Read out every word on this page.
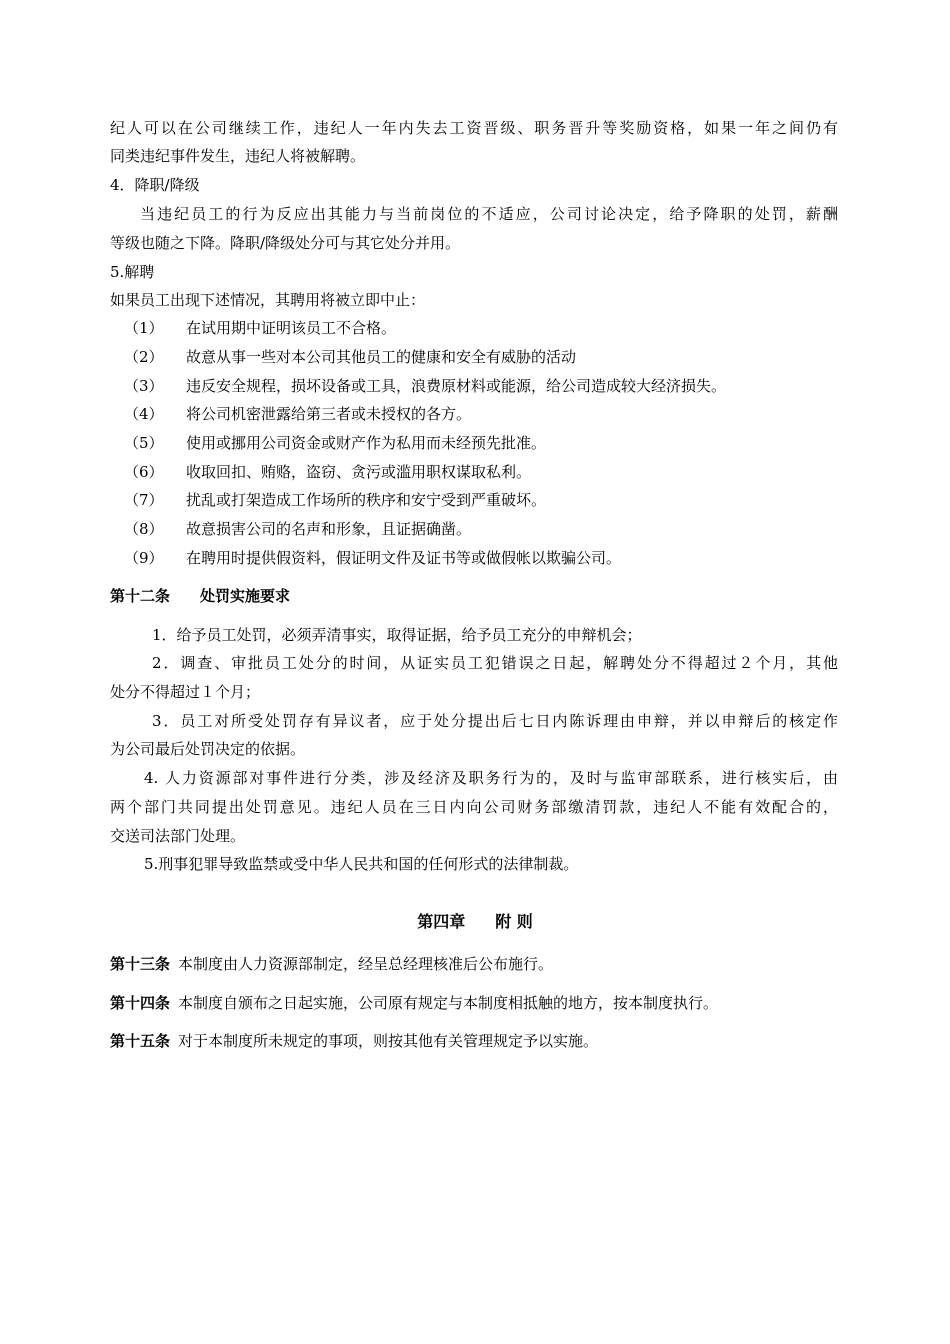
纪人可以在公司继续工作，违纪人一年内失去工资晋级、职务晋升等奖励资格，如果一年之间仍有
同类违纪事件发生，违纪人将被解聘。
4．降职/降级
当违纪员工的行为反应出其能力与当前岗位的不适应，公司讨论决定，给予降职的处罚，薪酬
等级也随之下降。降职/降级处分可与其它处分并用。
5.解聘
如果员工出现下述情况，其聘用将被立即中止：
（1） 在试用期中证明该员工不合格。
（2） 故意从事一些对本公司其他员工的健康和安全有威胁的活动
（3） 违反安全规程，损坏设备或工具，浪费原材料或能源，给公司造成较大经济损失。
（4） 将公司机密泄露给第三者或未授权的各方。
（5） 使用或挪用公司资金或财产作为私用而未经预先批准。
（6） 收取回扣、贿赂，盗窃、贪污或滥用职权谋取私利。
（7） 扰乱或打架造成工作场所的秩序和安宁受到严重破坏。
（8） 故意损害公司的名声和形象，且证据确凿。
（9） 在聘用时提供假资料，假证明文件及证书等或做假帐以欺骗公司。
第十二条 处罚实施要求
1．给予员工处罚，必须弄清事实，取得证据，给予员工充分的申辩机会；
2．调查、审批员工处分的时间，从证实员工犯错误之日起，解聘处分不得超过２个月，其他
处分不得超过１个月；
3．员工对所受处罚存有异议者，应于处分提出后七日内陈诉理由申辩，并以申辩后的核定作
为公司最后处罚决定的依据。
4. 人力资源部对事件进行分类，涉及经济及职务行为的，及时与监审部联系，进行核实后，由
两个部门共同提出处罚意见。违纪人员在三日内向公司财务部缴清罚款，违纪人不能有效配合的，
交送司法部门处理。
5.刑事犯罪导致监禁或受中华人民共和国的任何形式的法律制裁。
第四章 附 则
第十三条 本制度由人力资源部制定，经呈总经理核准后公布施行。
第十四条 本制度自颁布之日起实施，公司原有规定与本制度相抵触的地方，按本制度执行。
第十五条 对于本制度所未规定的事项，则按其他有关管理规定予以实施。
